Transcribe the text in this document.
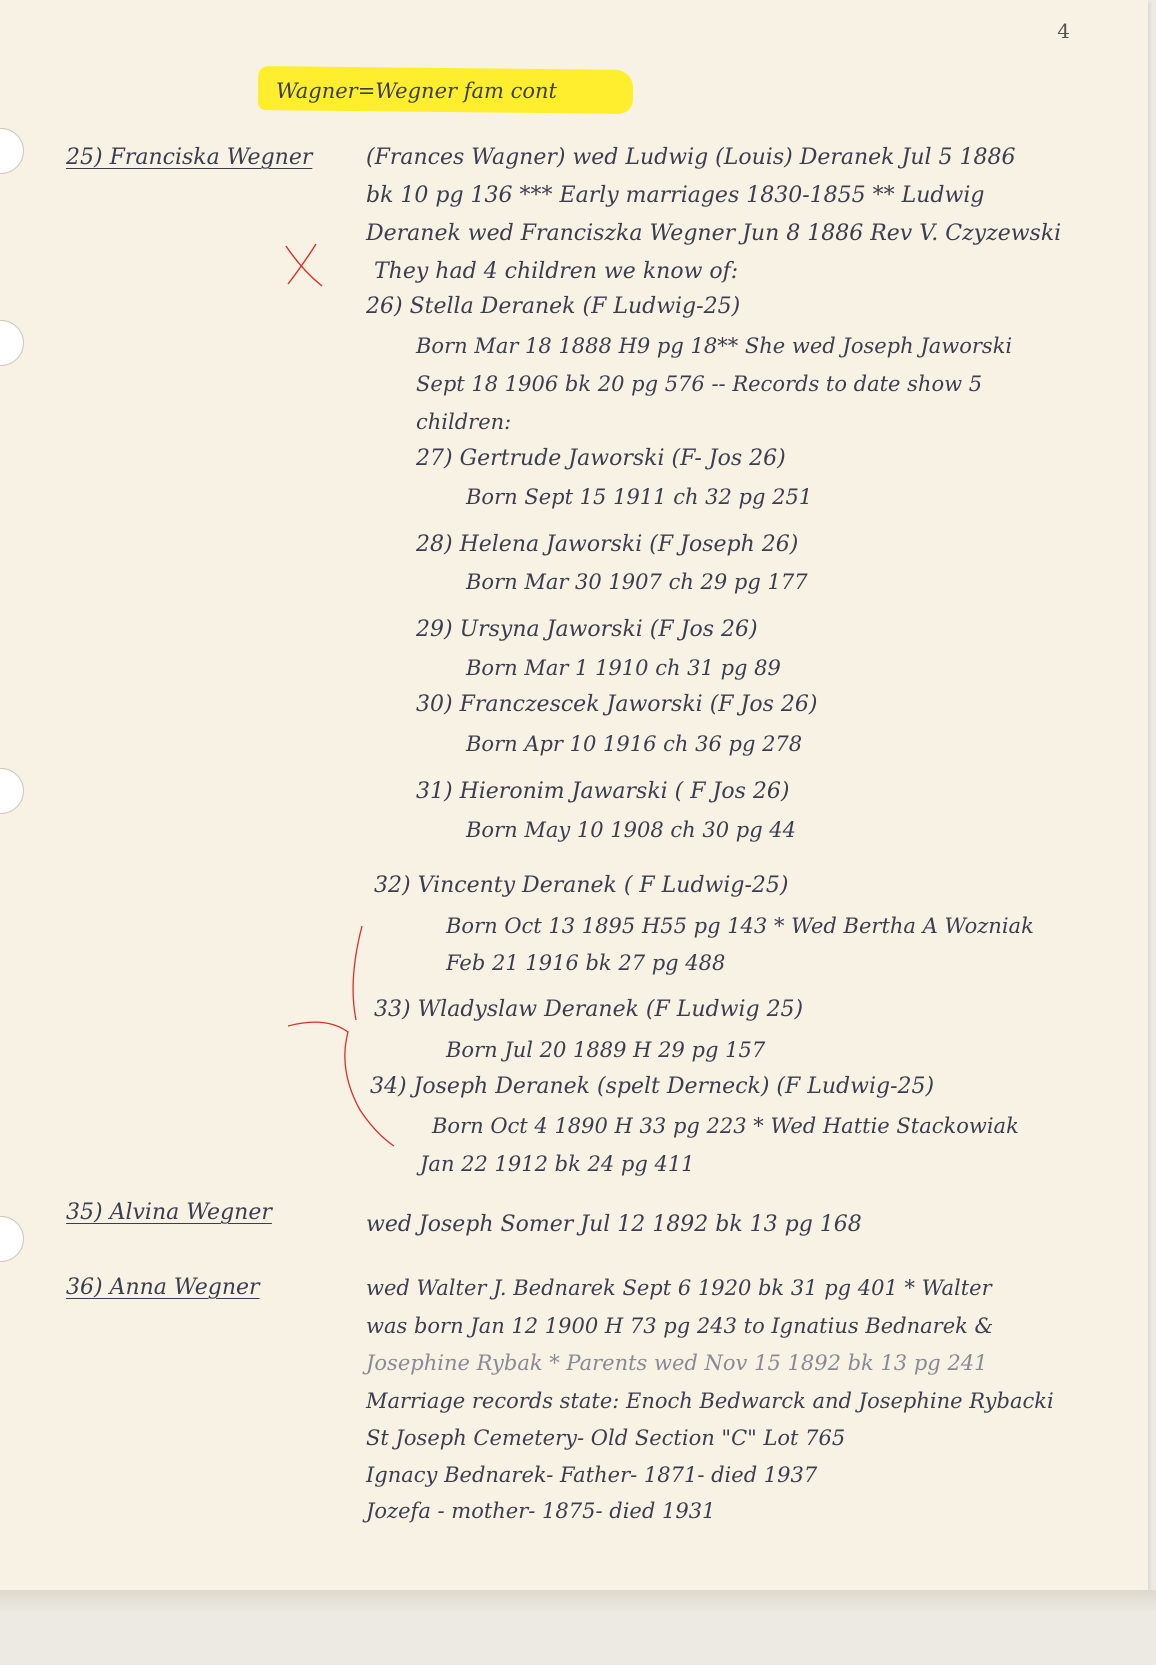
4

Wagner=Wegner fam cont

25) Franciska Wegner (Frances Wagner) wed Ludwig (Louis) Deranek Jul 5 1886

bk 10 pg 136 *** Early marriages 1830-1855 ** Ludwig

Deranek wed Franciszka Wegner Jun 8 1886 Rev V. Czyzewski

They had 4 children we know of:

26) Stella Deranek (F Ludwig-25)

Born Mar 18 1888 H9 pg 18** She wed Joseph Jaworski

Sept 18 1906 bk 20 pg 576 -- Records to date show 5

children:

27) Gertrude Jaworski (F- Jos 26)

Born Sept 15 1911 ch 32 pg 251

28) Helena Jaworski (F Joseph 26)

Born Mar 30 1907 ch 29 pg 177

29) Ursyna Jaworski (F Jos 26)

Born Mar 1 1910 ch 31 pg 89

30) Franczescek Jaworski (F Jos 26)

Born Apr 10 1916 ch 36 pg 278

31) Hieronim Jawarski ( F Jos 26)

Born May 10 1908 ch 30 pg 44

32) Vincenty Deranek ( F Ludwig-25)

Born Oct 13 1895 H55 pg 143 * Wed Bertha A Wozniak

Feb 21 1916 bk 27 pg 488

33) Wladyslaw Deranek (F Ludwig 25)

Born Jul 20 1889 H 29 pg 157

34) Joseph Deranek (spelt Derneck) (F Ludwig-25)

Born Oct 4 1890 H 33 pg 223 * Wed Hattie Stackowiak

Jan 22 1912 bk 24 pg 411

35) Alvina Wegner	wed Joseph Somer Jul 12 1892 bk 13 pg 168

36) Anna Wegner	wed Walter J. Bednarek Sept 6 1920 bk 31 pg 401 * Walter

was born Jan 12 1900 H 73 pg 243 to Ignatius Bednarek &

Josephine Rybak * Parents wed Nov 15 1892 bk 13 pg 241

Marriage records state: Enoch Bedwarck and Josephine Rybacki

St Joseph Cemetery- Old Section "C" Lot 765

Ignacy Bednarek- Father- 1871- died 1937

Jozefa - mother- 1875- died 1931
